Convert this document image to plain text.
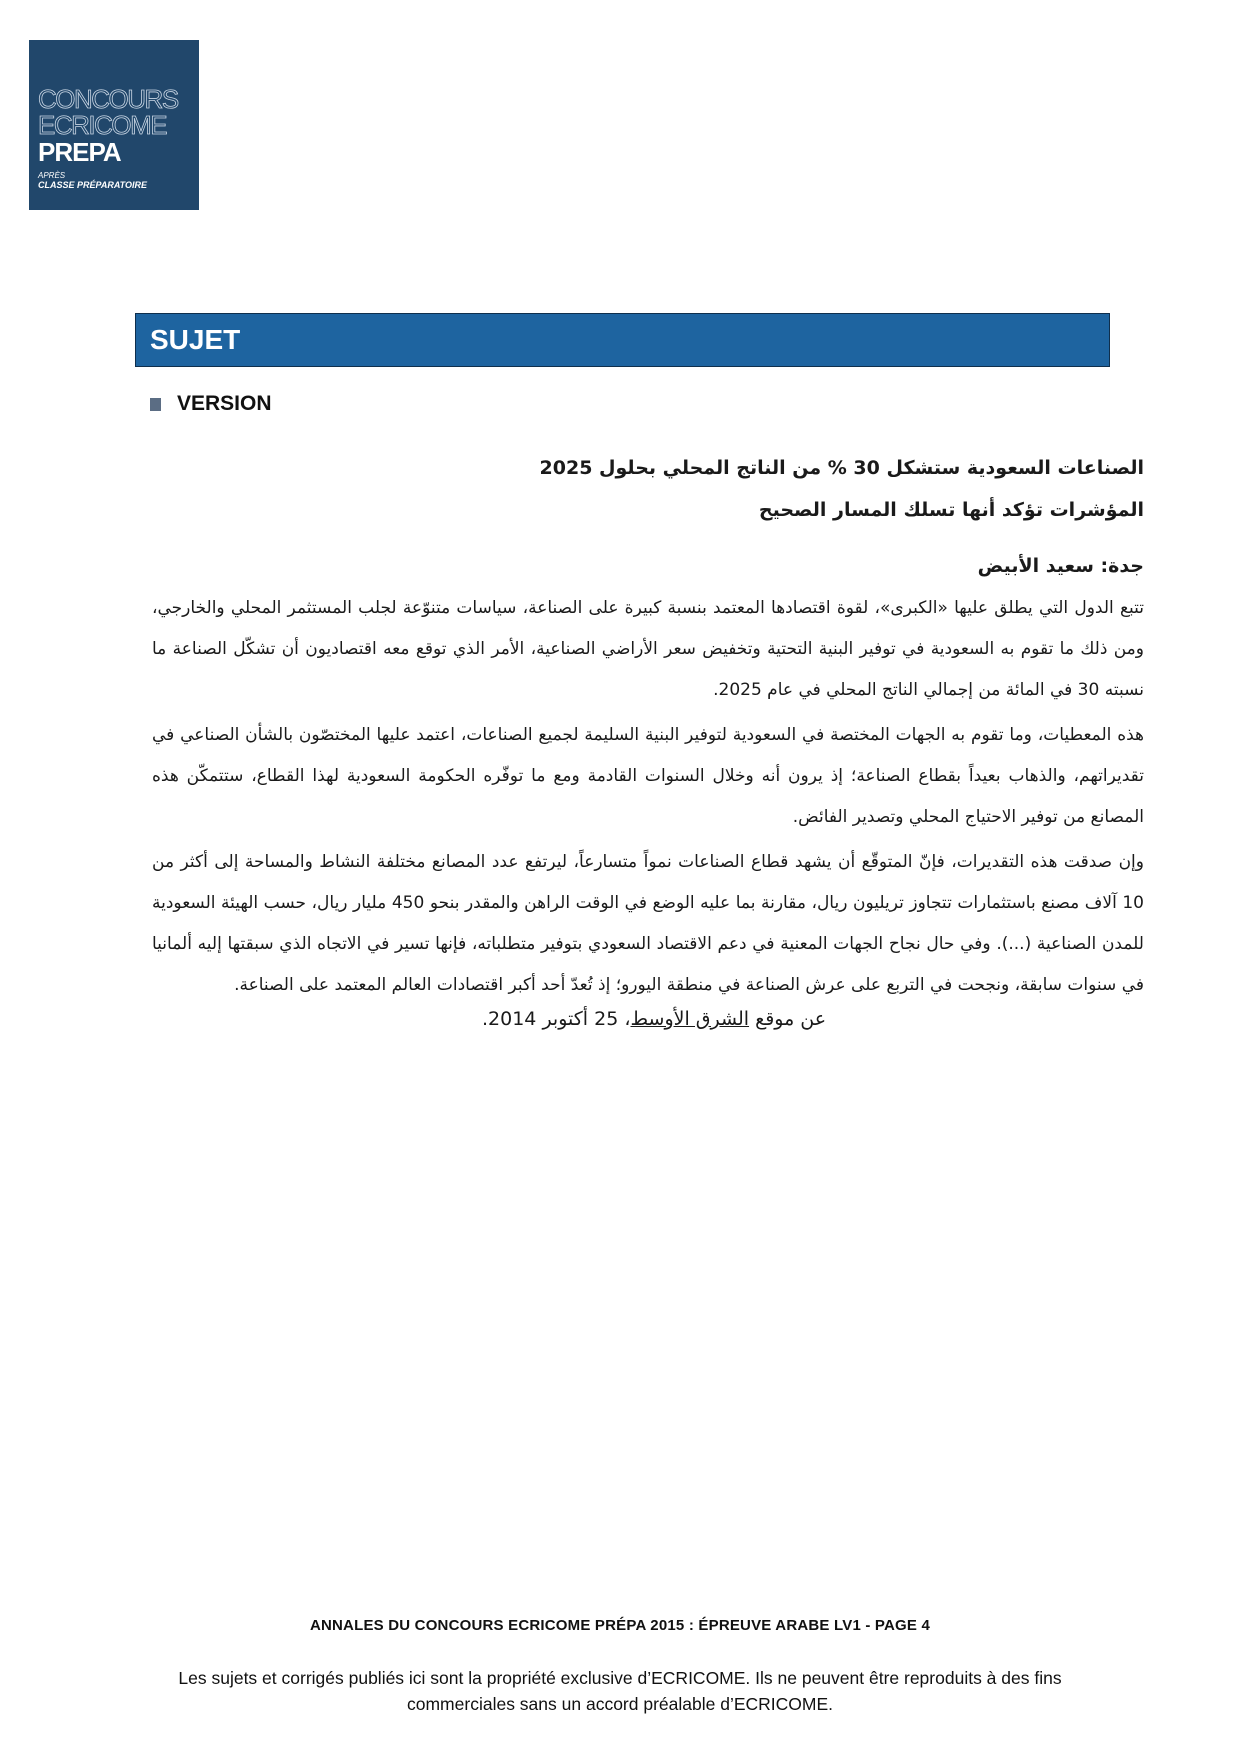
CONCOURS
ECRICOME
PREPA
APRÈS
CLASSE PRÉPARATOIRE
SUJET
VERSION
الصناعات السعودية ستشكل 30 % من الناتج المحلي بحلول 2025
المؤشرات تؤكد أنها تسلك المسار الصحيح
جدة: سعيد الأبيض

تتبع الدول التي يطلق عليها «الكبرى»، لقوة اقتصادها المعتمد بنسبة كبيرة على الصناعة، سياسات متنوّعة لجلب المستثمر المحلي والخارجي، ومن ذلك ما تقوم به السعودية في توفير البنية التحتية وتخفيض سعر الأراضي الصناعية، الأمر الذي توقع معه اقتصاديون أن تشكّل الصناعة ما نسبته 30 في المائة من إجمالي الناتج المحلي في عام 2025.

هذه المعطيات، وما تقوم به الجهات المختصة في السعودية لتوفير البنية السليمة لجميع الصناعات، اعتمد عليها المختصّون بالشأن الصناعي في تقديراتهم، والذهاب بعيداً بقطاع الصناعة؛ إذ يرون أنه وخلال السنوات القادمة ومع ما توفّره الحكومة السعودية لهذا القطاع، ستتمكّن هذه المصانع من توفير الاحتياج المحلي وتصدير الفائض.

وإن صدقت هذه التقديرات، فإنّ المتوقّع أن يشهد قطاع الصناعات نمواً متسارعاً، ليرتفع عدد المصانع مختلفة النشاط والمساحة إلى أكثر من 10 آلاف مصنع باستثمارات تتجاوز تريليون ريال، مقارنة بما عليه الوضع في الوقت الراهن والمقدر بنحو 450 مليار ريال، حسب الهيئة السعودية للمدن الصناعية (...). وفي حال نجاح الجهات المعنية في دعم الاقتصاد السعودي بتوفير متطلباته، فإنها تسير في الاتجاه الذي سبقتها إليه ألمانيا في سنوات سابقة، ونجحت في التربع على عرش الصناعة في منطقة اليورو؛ إذ تُعدّ أحد أكبر اقتصادات العالم المعتمد على الصناعة.

عن موقع الشرق الأوسط، 25 أكتوبر 2014.
ANNALES DU CONCOURS ECRICOME PRÉPA 2015 : ÉPREUVE ARABE LV1 - PAGE 4
Les sujets et corrigés publiés ici sont la propriété exclusive d’ECRICOME. Ils ne peuvent être reproduits à des fins commerciales sans un accord préalable d’ECRICOME.
